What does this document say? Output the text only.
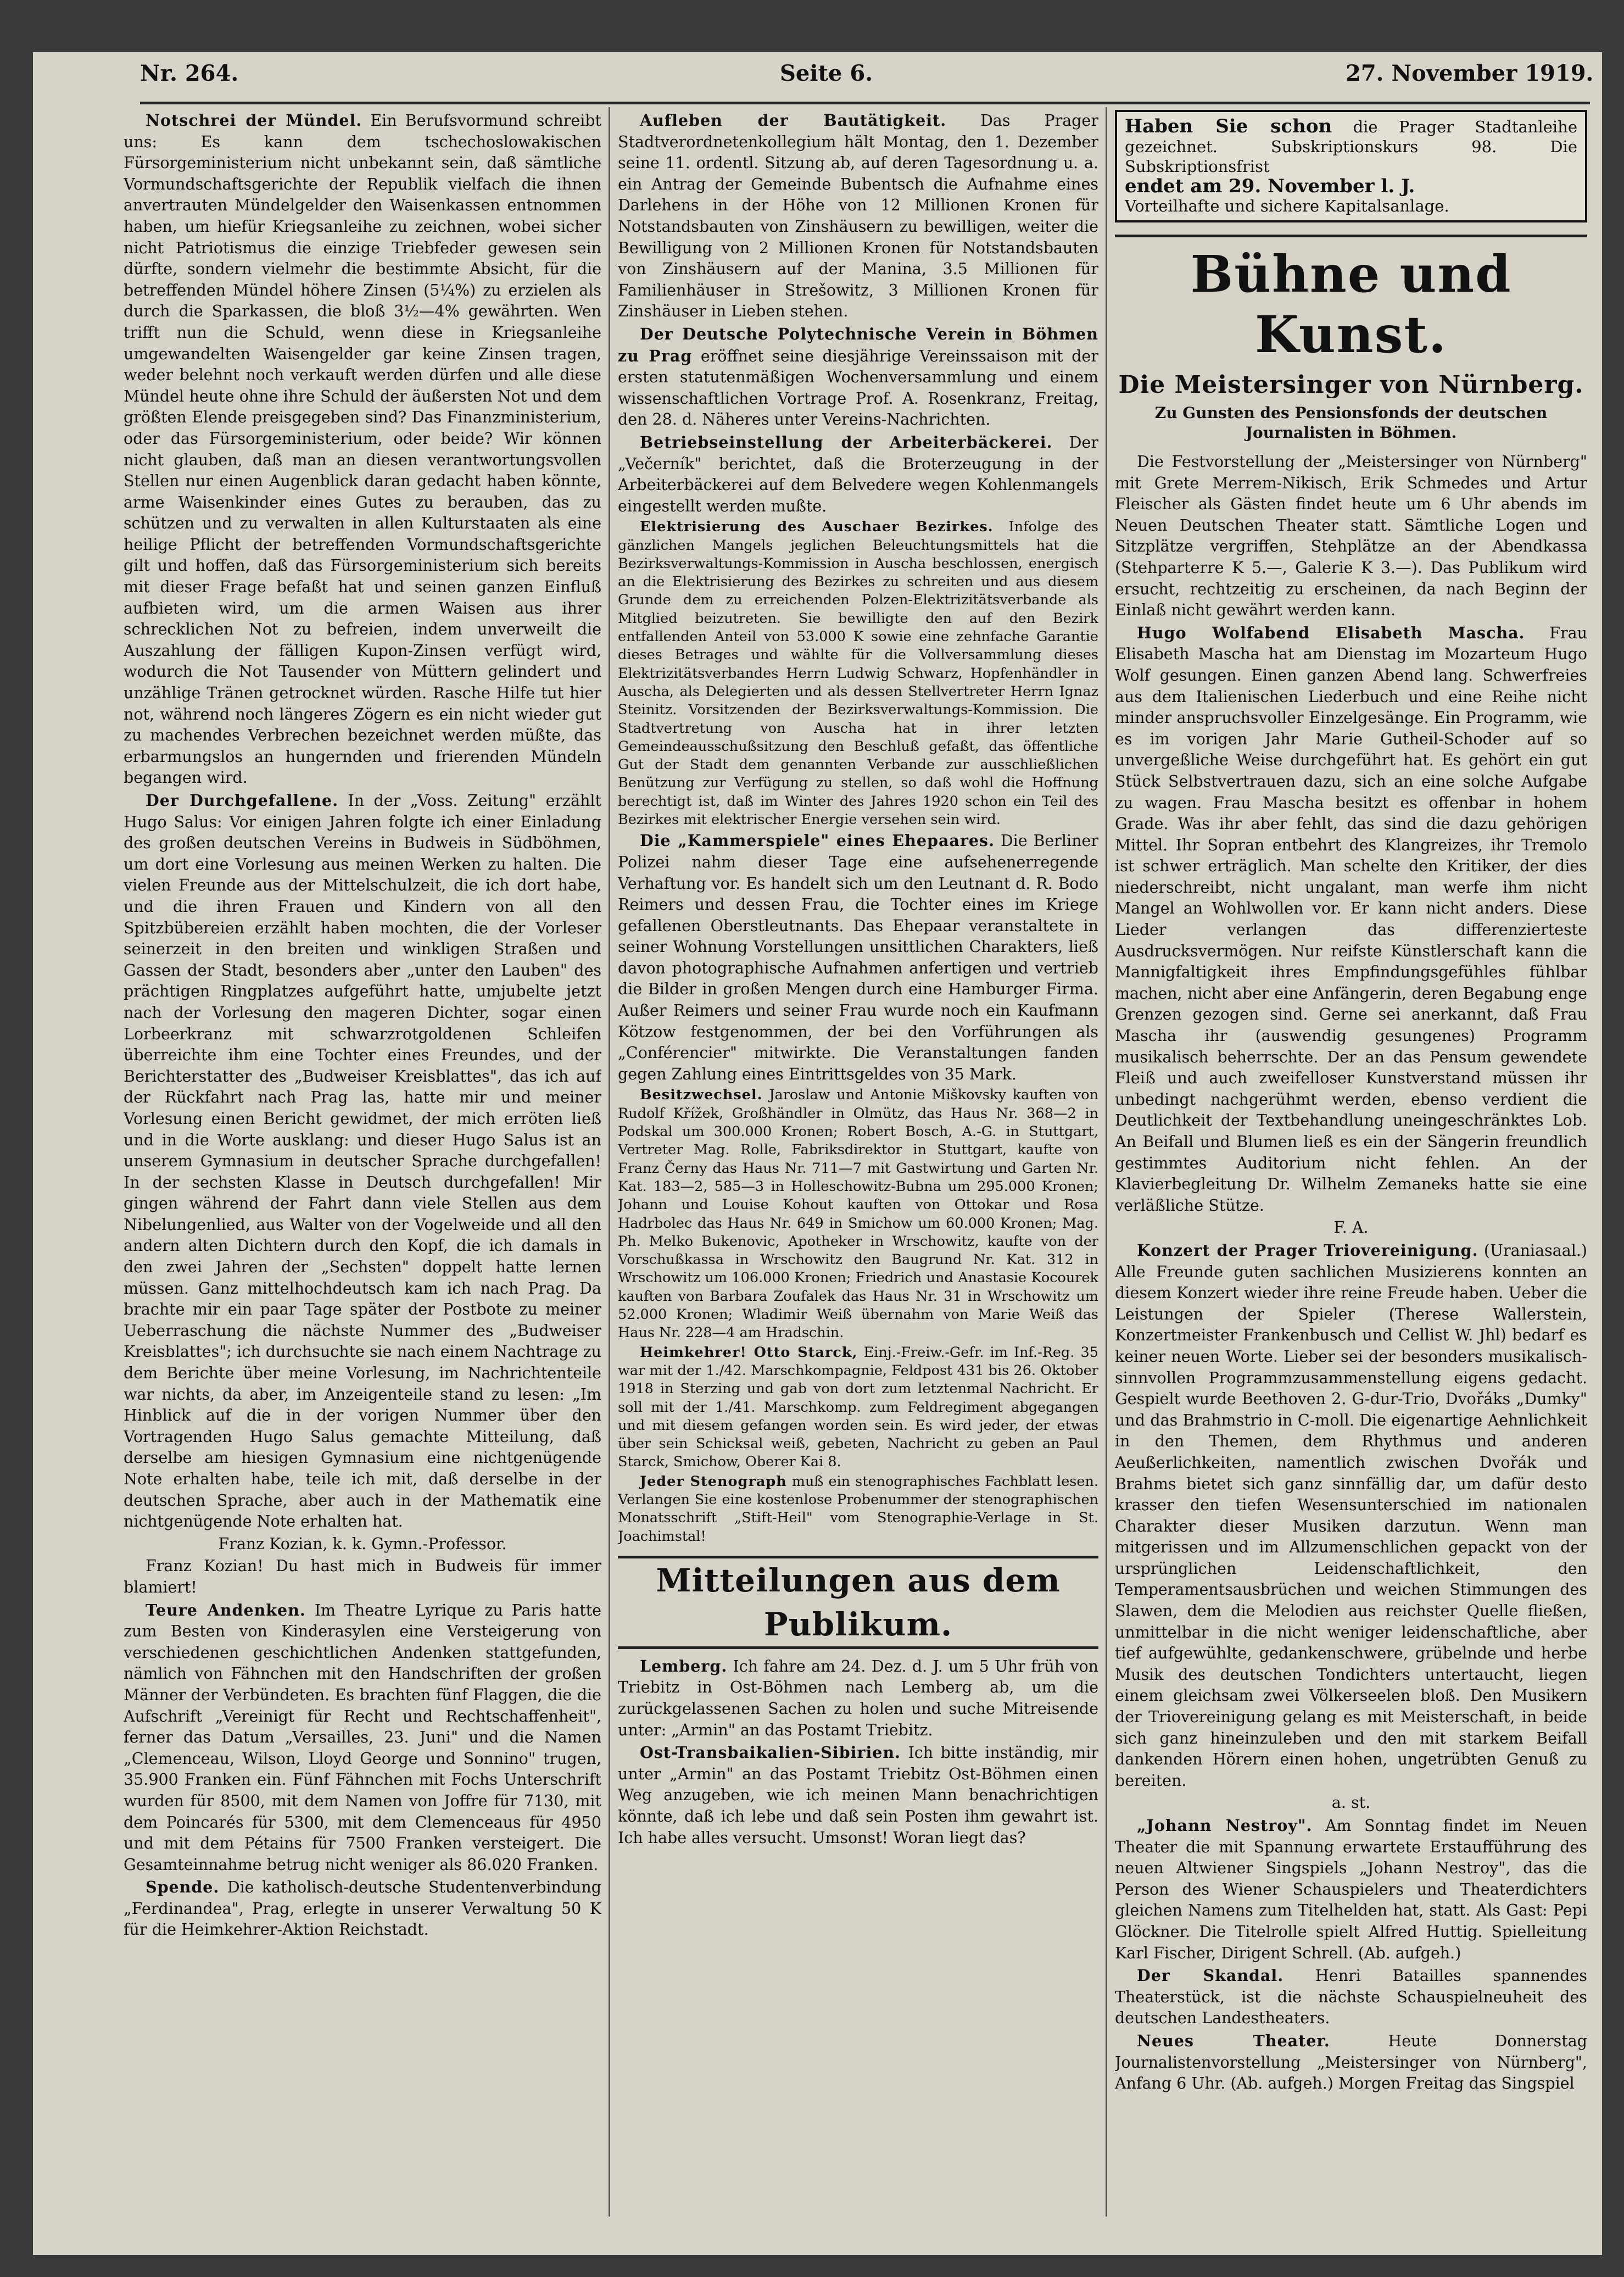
Nr. 264.	Seite 6.	27. November 1919.

Notschrei der Mündel. Ein Berufsvormund schreibt uns: Es kann dem tschechoslowakischen Fürsorgeministerium nicht unbekannt sein, daß sämtliche Vormundschaftsgerichte der Republik vielfach die ihnen anvertrauten Mündelgelder den Waisenkassen entnommen haben, um hiefür Kriegsanleihe zu zeichnen, wobei sicher nicht Patriotismus die einzige Triebfeder gewesen sein dürfte, sondern vielmehr die bestimmte Absicht, für die betreffenden Mündel höhere Zinsen (5¼%) zu erzielen als durch die Sparkassen, die bloß 3½—4% gewährten. Wen trifft nun die Schuld, wenn diese in Kriegsanleihe umgewandelten Waisengelder gar keine Zinsen tragen, weder belehnt noch verkauft werden dürfen und alle diese Mündel heute ohne ihre Schuld der äußersten Not und dem größten Elende preisgegeben sind? Das Finanzministerium, oder das Fürsorgeministerium, oder beide? Wir können nicht glauben, daß man an diesen verantwortungsvollen Stellen nur einen Augenblick daran gedacht haben könnte, arme Waisenkinder eines Gutes zu berauben, das zu schützen und zu verwalten in allen Kulturstaaten als eine heilige Pflicht der betreffenden Vormundschaftsgerichte gilt und hoffen, daß das Fürsorgeministerium sich bereits mit dieser Frage befaßt hat und seinen ganzen Einfluß aufbieten wird, um die armen Waisen aus ihrer schrecklichen Not zu befreien, indem unverweilt die Auszahlung der fälligen Kupon-Zinsen verfügt wird, wodurch die Not Tausender von Müttern gelindert und unzählige Tränen getrocknet würden. Rasche Hilfe tut hier not, während noch längeres Zögern es ein nicht wieder gut zu machendes Verbrechen bezeichnet werden müßte, das erbarmungslos an hungernden und frierenden Mündeln begangen wird.

Der Durchgefallene. In der „Voss. Zeitung" erzählt Hugo Salus: Vor einigen Jahren folgte ich einer Einladung des großen deutschen Vereins in Budweis in Südböhmen, um dort eine Vorlesung aus meinen Werken zu halten. Die vielen Freunde aus der Mittelschulzeit, die ich dort habe, und die ihren Frauen und Kindern von all den Spitzbübereien erzählt haben mochten, die der Vorleser seinerzeit in den breiten und winkligen Straßen und Gassen der Stadt, besonders aber „unter den Lauben" des prächtigen Ringplatzes aufgeführt hatte, umjubelte jetzt nach der Vorlesung den mageren Dichter, sogar einen Lorbeerkranz mit schwarzrotgoldenen Schleifen überreichte ihm eine Tochter eines Freundes, und der Berichterstatter des „Budweiser Kreisblattes", das ich auf der Rückfahrt nach Prag las, hatte mir und meiner Vorlesung einen Bericht gewidmet, der mich erröten ließ und in die Worte ausklang: und dieser Hugo Salus ist an unserem Gymnasium in deutscher Sprache durchgefallen! In der sechsten Klasse in Deutsch durchgefallen! Mir gingen während der Fahrt dann viele Stellen aus dem Nibelungenlied, aus Walter von der Vogelweide und all den andern alten Dichtern durch den Kopf, die ich damals in den zwei Jahren der „Sechsten" doppelt hatte lernen müssen. Ganz mittelhochdeutsch kam ich nach Prag. Da brachte mir ein paar Tage später der Postbote zu meiner Ueberraschung die nächste Nummer des „Budweiser Kreisblattes"; ich durchsuchte sie nach einem Nachtrage zu dem Berichte über meine Vorlesung, im Nachrichtenteile war nichts, da aber, im Anzeigenteile stand zu lesen: „Im Hinblick auf die in der vorigen Nummer über den Vortragenden Hugo Salus gemachte Mitteilung, daß derselbe am hiesigen Gymnasium eine nichtgenügende Note erhalten habe, teile ich mit, daß derselbe in der deutschen Sprache, aber auch in der Mathematik eine nichtgenügende Note erhalten hat.

Franz Kozian, k. k. Gymn.-Professor.

Franz Kozian! Du hast mich in Budweis für immer blamiert!

Teure Andenken. Im Theatre Lyrique zu Paris hatte zum Besten von Kinderasylen eine Versteigerung von verschiedenen geschichtlichen Andenken stattgefunden, nämlich von Fähnchen mit den Handschriften der großen Männer der Verbündeten. Es brachten fünf Flaggen, die die Aufschrift „Vereinigt für Recht und Rechtschaffenheit", ferner das Datum „Versailles, 23. Juni" und die Namen „Clemenceau, Wilson, Lloyd George und Sonnino" trugen, 35.900 Franken ein. Fünf Fähnchen mit Fochs Unterschrift wurden für 8500, mit dem Namen von Joffre für 7130, mit dem Poincarés für 5300, mit dem Clemenceaus für 4950 und mit dem Pétains für 7500 Franken versteigert. Die Gesamteinnahme betrug nicht weniger als 86.020 Franken.

Spende. Die katholisch-deutsche Studentenverbindung „Ferdinandea", Prag, erlegte in unserer Verwaltung 50 K für die Heimkehrer-Aktion Reichstadt.

Aufleben der Bautätigkeit. Das Prager Stadtverordnetenkollegium hält Montag, den 1. Dezember seine 11. ordentl. Sitzung ab, auf deren Tagesordnung u. a. ein Antrag der Gemeinde Bubentsch die Aufnahme eines Darlehens in der Höhe von 12 Millionen Kronen für Notstandsbauten von Zinshäusern zu bewilligen, weiter die Bewilligung von 2 Millionen Kronen für Notstandsbauten von Zinshäusern auf der Manina, 3.5 Millionen für Familienhäuser in Strešowitz, 3 Millionen Kronen für Zinshäuser in Lieben stehen.

Der Deutsche Polytechnische Verein in Böhmen zu Prag eröffnet seine diesjährige Vereinssaison mit der ersten statutenmäßigen Wochenversammlung und einem wissenschaftlichen Vortrage Prof. A. Rosenkranz, Freitag, den 28. d. Näheres unter Vereins-Nachrichten.

Betriebseinstellung der Arbeiterbäckerei. Der „Večerník" berichtet, daß die Broterzeugung in der Arbeiterbäckerei auf dem Belvedere wegen Kohlenmangels eingestellt werden mußte.

Elektrisierung des Auschaer Bezirkes. Infolge des gänzlichen Mangels jeglichen Beleuchtungsmittels hat die Bezirksverwaltungs-Kommission in Auscha beschlossen, energisch an die Elektrisierung des Bezirkes zu schreiten und aus diesem Grunde dem zu erreichenden Polzen-Elektrizitätsverbande als Mitglied beizutreten. Sie bewilligte den auf den Bezirk entfallenden Anteil von 53.000 K sowie eine zehnfache Garantie dieses Betrages und wählte für die Vollversammlung dieses Elektrizitätsverbandes Herrn Ludwig Schwarz, Hopfenhändler in Auscha, als Delegierten und als dessen Stellvertreter Herrn Ignaz Steinitz. Vorsitzenden der Bezirksverwaltungs-Kommission. Die Stadtvertretung von Auscha hat in ihrer letzten Gemeindeausschußsitzung den Beschluß gefaßt, das öffentliche Gut der Stadt dem genannten Verbande zur ausschließlichen Benützung zur Verfügung zu stellen, so daß wohl die Hoffnung berechtigt ist, daß im Winter des Jahres 1920 schon ein Teil des Bezirkes mit elektrischer Energie versehen sein wird.

Die „Kammerspiele" eines Ehepaares. Die Berliner Polizei nahm dieser Tage eine aufsehenerregende Verhaftung vor. Es handelt sich um den Leutnant d. R. Bodo Reimers und dessen Frau, die Tochter eines im Kriege gefallenen Oberstleutnants. Das Ehepaar veranstaltete in seiner Wohnung Vorstellungen unsittlichen Charakters, ließ davon photographische Aufnahmen anfertigen und vertrieb die Bilder in großen Mengen durch eine Hamburger Firma. Außer Reimers und seiner Frau wurde noch ein Kaufmann Kötzow festgenommen, der bei den Vorführungen als „Conférencier" mitwirkte. Die Veranstaltungen fanden gegen Zahlung eines Eintrittsgeldes von 35 Mark.

Besitzwechsel. Jaroslaw und Antonie Miškovsky kauften von Rudolf Křížek, Großhändler in Olmütz, das Haus Nr. 368—2 in Podskal um 300.000 Kronen; Robert Bosch, A.-G. in Stuttgart, Vertreter Mag. Rolle, Fabriksdirektor in Stuttgart, kaufte von Franz Černy das Haus Nr. 711—7 mit Gastwirtung und Garten Nr. Kat. 183—2, 585—3 in Holleschowitz-Bubna um 295.000 Kronen; Johann und Louise Kohout kauften von Ottokar und Rosa Hadrbolec das Haus Nr. 649 in Smichow um 60.000 Kronen; Mag. Ph. Melko Bukenovic, Apotheker in Wrschowitz, kaufte von der Vorschußkassa in Wrschowitz den Baugrund Nr. Kat. 312 in Wrschowitz um 106.000 Kronen; Friedrich und Anastasie Kocourek kauften von Barbara Zoufalek das Haus Nr. 31 in Wrschowitz um 52.000 Kronen; Wladimir Weiß übernahm von Marie Weiß das Haus Nr. 228—4 am Hradschin.

Heimkehrer! Otto Starck, Einj.-Freiw.-Gefr. im Inf.-Reg. 35 war mit der 1./42. Marschkompagnie, Feldpost 431 bis 26. Oktober 1918 in Sterzing und gab von dort zum letztenmal Nachricht. Er soll mit der 1./41. Marschkomp. zum Feldregiment abgegangen und mit diesem gefangen worden sein. Es wird jeder, der etwas über sein Schicksal weiß, gebeten, Nachricht zu geben an Paul Starck, Smichow, Oberer Kai 8.

Jeder Stenograph muß ein stenographisches Fachblatt lesen. Verlangen Sie eine kostenlose Probenummer der stenographischen Monatsschrift „Stift-Heil" vom Stenographie-Verlage in St. Joachimstal!

Mitteilungen aus dem Publikum.

Lemberg. Ich fahre am 24. Dez. d. J. um 5 Uhr früh von Triebitz in Ost-Böhmen nach Lemberg ab, um die zurückgelassenen Sachen zu holen und suche Mitreisende unter: „Armin" an das Postamt Triebitz.

Ost-Transbaikalien-Sibirien. Ich bitte inständig, mir unter „Armin" an das Postamt Triebitz Ost-Böhmen einen Weg anzugeben, wie ich meinen Mann benachrichtigen könnte, daß ich lebe und daß sein Posten ihm gewahrt ist. Ich habe alles versucht. Umsonst! Woran liegt das?

Haben Sie schon die Prager Stadtanleihe gezeichnet. Subskriptionskurs 98. Die Subskriptionsfrist
endet am 29. November l. J.
Vorteilhafte und sichere Kapitalsanlage.
Bühne und Kunst.
Die Meistersinger von Nürnberg.
Zu Gunsten des Pensionsfonds der deutschen Journalisten in Böhmen.

Die Festvorstellung der „Meistersinger von Nürnberg" mit Grete Merrem-Nikisch, Erik Schmedes und Artur Fleischer als Gästen findet heute um 6 Uhr abends im Neuen Deutschen Theater statt. Sämtliche Logen und Sitzplätze vergriffen, Stehplätze an der Abendkassa (Stehparterre K 5.—, Galerie K 3.—). Das Publikum wird ersucht, rechtzeitig zu erscheinen, da nach Beginn der Einlaß nicht gewährt werden kann.

Hugo Wolfabend Elisabeth Mascha. Frau Elisabeth Mascha hat am Dienstag im Mozarteum Hugo Wolf gesungen. Einen ganzen Abend lang. Schwerfreies aus dem Italienischen Liederbuch und eine Reihe nicht minder anspruchsvoller Einzelgesänge. Ein Programm, wie es im vorigen Jahr Marie Gutheil-Schoder auf so unvergeßliche Weise durchgeführt hat. Es gehört ein gut Stück Selbstvertrauen dazu, sich an eine solche Aufgabe zu wagen. Frau Mascha besitzt es offenbar in hohem Grade. Was ihr aber fehlt, das sind die dazu gehörigen Mittel. Ihr Sopran entbehrt des Klangreizes, ihr Tremolo ist schwer erträglich. Man schelte den Kritiker, der dies niederschreibt, nicht ungalant, man werfe ihm nicht Mangel an Wohlwollen vor. Er kann nicht anders. Diese Lieder verlangen das differenzierteste Ausdrucksvermögen. Nur reifste Künstlerschaft kann die Mannigfaltigkeit ihres Empfindungsgefühles fühlbar machen, nicht aber eine Anfängerin, deren Begabung enge Grenzen gezogen sind. Gerne sei anerkannt, daß Frau Mascha ihr (auswendig gesungenes) Programm musikalisch beherrschte. Der an das Pensum gewendete Fleiß und auch zweifelloser Kunstverstand müssen ihr unbedingt nachgerühmt werden, ebenso verdient die Deutlichkeit der Textbehandlung uneingeschränktes Lob. An Beifall und Blumen ließ es ein der Sängerin freundlich gestimmtes Auditorium nicht fehlen. An der Klavierbegleitung Dr. Wilhelm Zemaneks hatte sie eine verläßliche Stütze.

F. A.

Konzert der Prager Triovereinigung. (Uraniasaal.) Alle Freunde guten sachlichen Musizierens konnten an diesem Konzert wieder ihre reine Freude haben. Ueber die Leistungen der Spieler (Therese Wallerstein, Konzertmeister Frankenbusch und Cellist W. Jhl) bedarf es keiner neuen Worte. Lieber sei der besonders musikalisch-sinnvollen Programmzusammenstellung eigens gedacht. Gespielt wurde Beethoven 2. G-dur-Trio, Dvořáks „Dumky" und das Brahmstrio in C-moll. Die eigenartige Aehnlichkeit in den Themen, dem Rhythmus und anderen Aeußerlichkeiten, namentlich zwischen Dvořák und Brahms bietet sich ganz sinnfällig dar, um dafür desto krasser den tiefen Wesensunterschied im nationalen Charakter dieser Musiken darzutun. Wenn man mitgerissen und im Allzumenschlichen gepackt von der ursprünglichen Leidenschaftlichkeit, den Temperamentsausbrüchen und weichen Stimmungen des Slawen, dem die Melodien aus reichster Quelle fließen, unmittelbar in die nicht weniger leidenschaftliche, aber tief aufgewühlte, gedankenschwere, grübelnde und herbe Musik des deutschen Tondichters untertaucht, liegen einem gleichsam zwei Völkerseelen bloß. Den Musikern der Triovereinigung gelang es mit Meisterschaft, in beide sich ganz hineinzuleben und den mit starkem Beifall dankenden Hörern einen hohen, ungetrübten Genuß zu bereiten.

a. st.

„Johann Nestroy". Am Sonntag findet im Neuen Theater die mit Spannung erwartete Erstaufführung des neuen Altwiener Singspiels „Johann Nestroy", das die Person des Wiener Schauspielers und Theaterdichters gleichen Namens zum Titelhelden hat, statt. Als Gast: Pepi Glöckner. Die Titelrolle spielt Alfred Huttig. Spielleitung Karl Fischer, Dirigent Schrell. (Ab. aufgeh.)

Der Skandal. Henri Batailles spannendes Theaterstück, ist die nächste Schauspielneuheit des deutschen Landestheaters.

Neues Theater.	Heute Donnerstag Journalistenvorstellung „Meistersinger von Nürnberg", Anfang 6 Uhr. (Ab. aufgeh.) Morgen Freitag das Singspiel
